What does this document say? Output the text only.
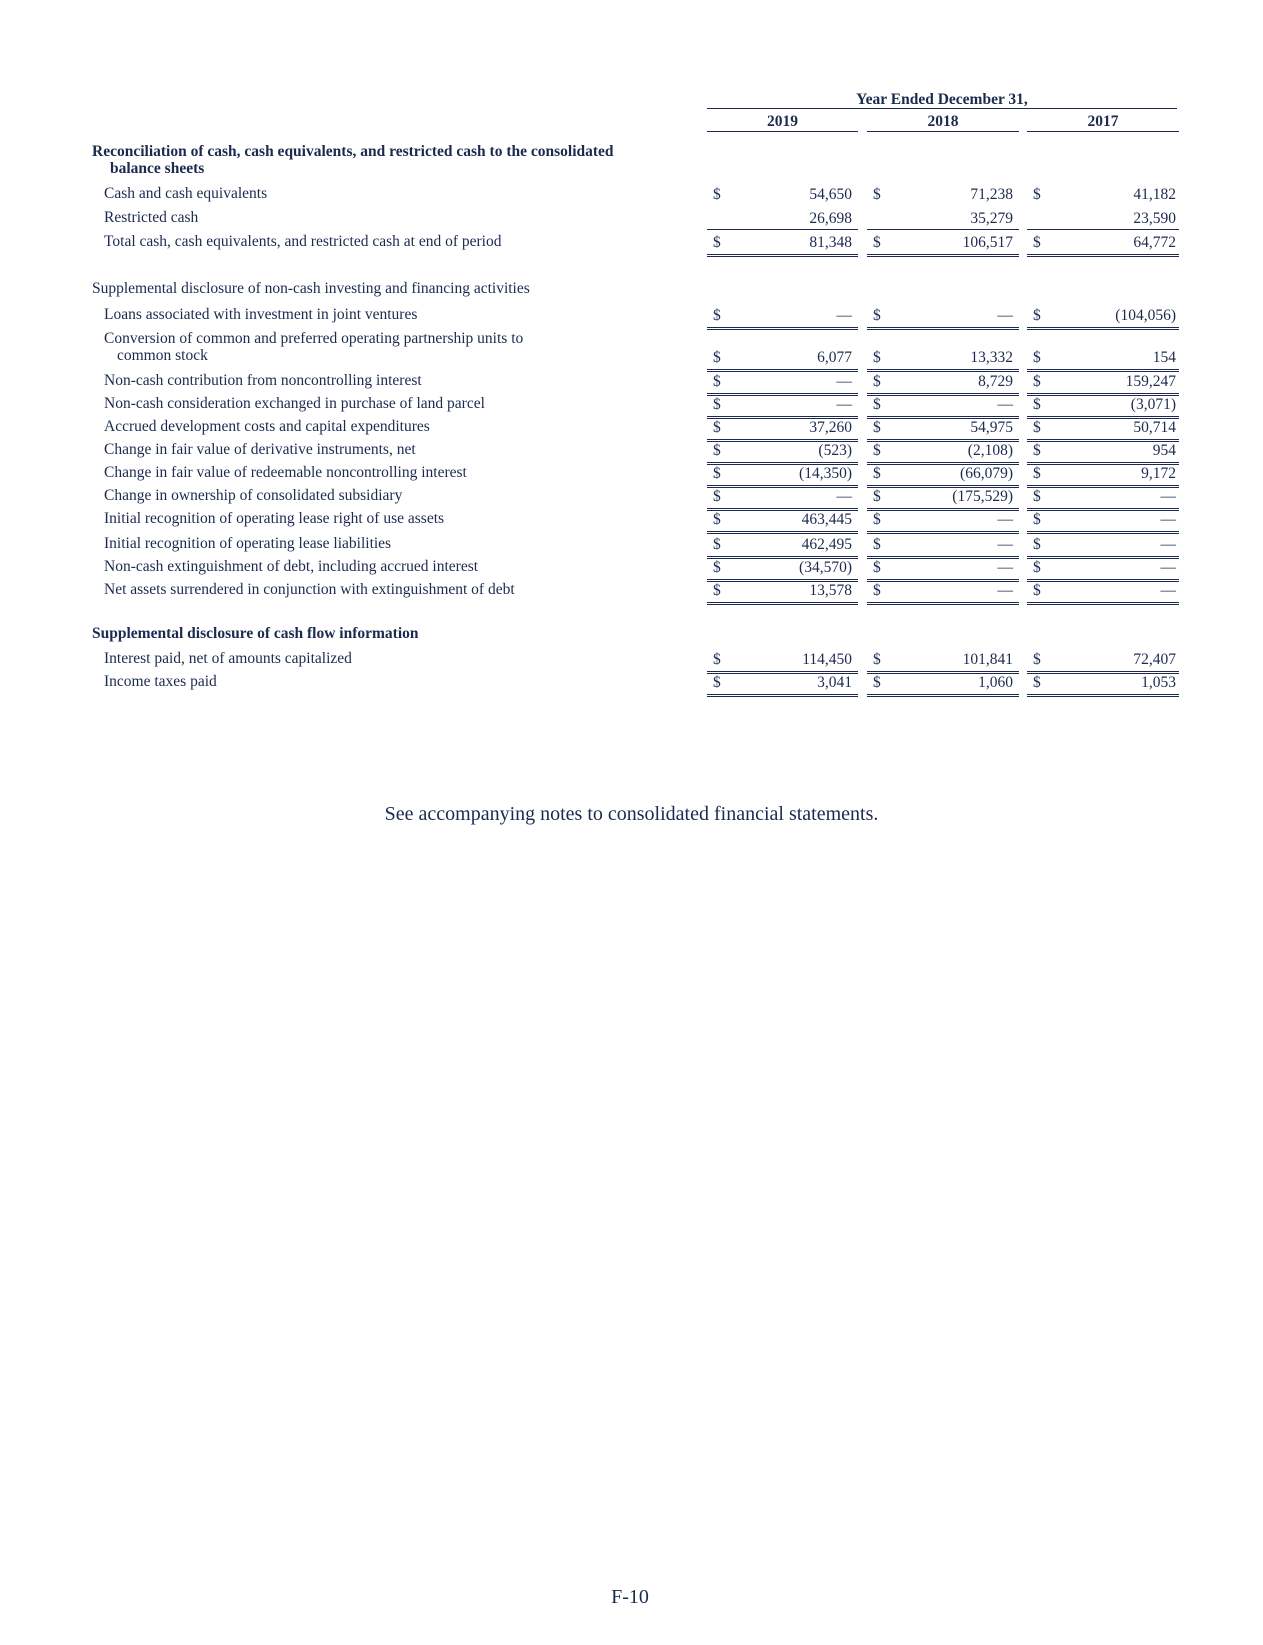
Year Ended December 31,
2019	2018	2017
Reconciliation of cash, cash equivalents, and restricted cash to the consolidated
balance sheets
Supplemental disclosure of non-cash investing and financing activities
Supplemental disclosure of cash flow information
Cash and cash equivalents	$	54,650 $	71,238 $	41,182
Restricted cash	26,698	35,279	23,590
Total cash, cash equivalents, and restricted cash at end of period	$	81,348 $	106,517 $	64,772
Loans associated with investment in joint ventures	$	— $	— $	(104,056)
Conversion of common and preferred operating partnership units to
common stock	$	6,077 $	13,332 $	154
Non-cash contribution from noncontrolling interest	$	— $	8,729 $	159,247
Non-cash consideration exchanged in purchase of land parcel	$	— $	— $	(3,071)
Accrued development costs and capital expenditures	$	37,260 $	54,975 $	50,714
Change in fair value of derivative instruments, net	$	(523) $	(2,108) $	954
Change in fair value of redeemable noncontrolling interest	$	(14,350) $	(66,079) $	9,172
Change in ownership of consolidated subsidiary	$	— $	(175,529) $	—
Initial recognition of operating lease right of use assets	$	463,445 $	— $	—
Initial recognition of operating lease liabilities	$	462,495 $	— $	—
Non-cash extinguishment of debt, including accrued interest	$	(34,570) $	— $	—
Net assets surrendered in conjunction with extinguishment of debt	$	13,578 $	— $	—
Interest paid, net of amounts capitalized	$	114,450 $	101,841 $	72,407
Income taxes paid	$	3,041 $	1,060 $	1,053
See accompanying notes to consolidated financial statements.
F-10
